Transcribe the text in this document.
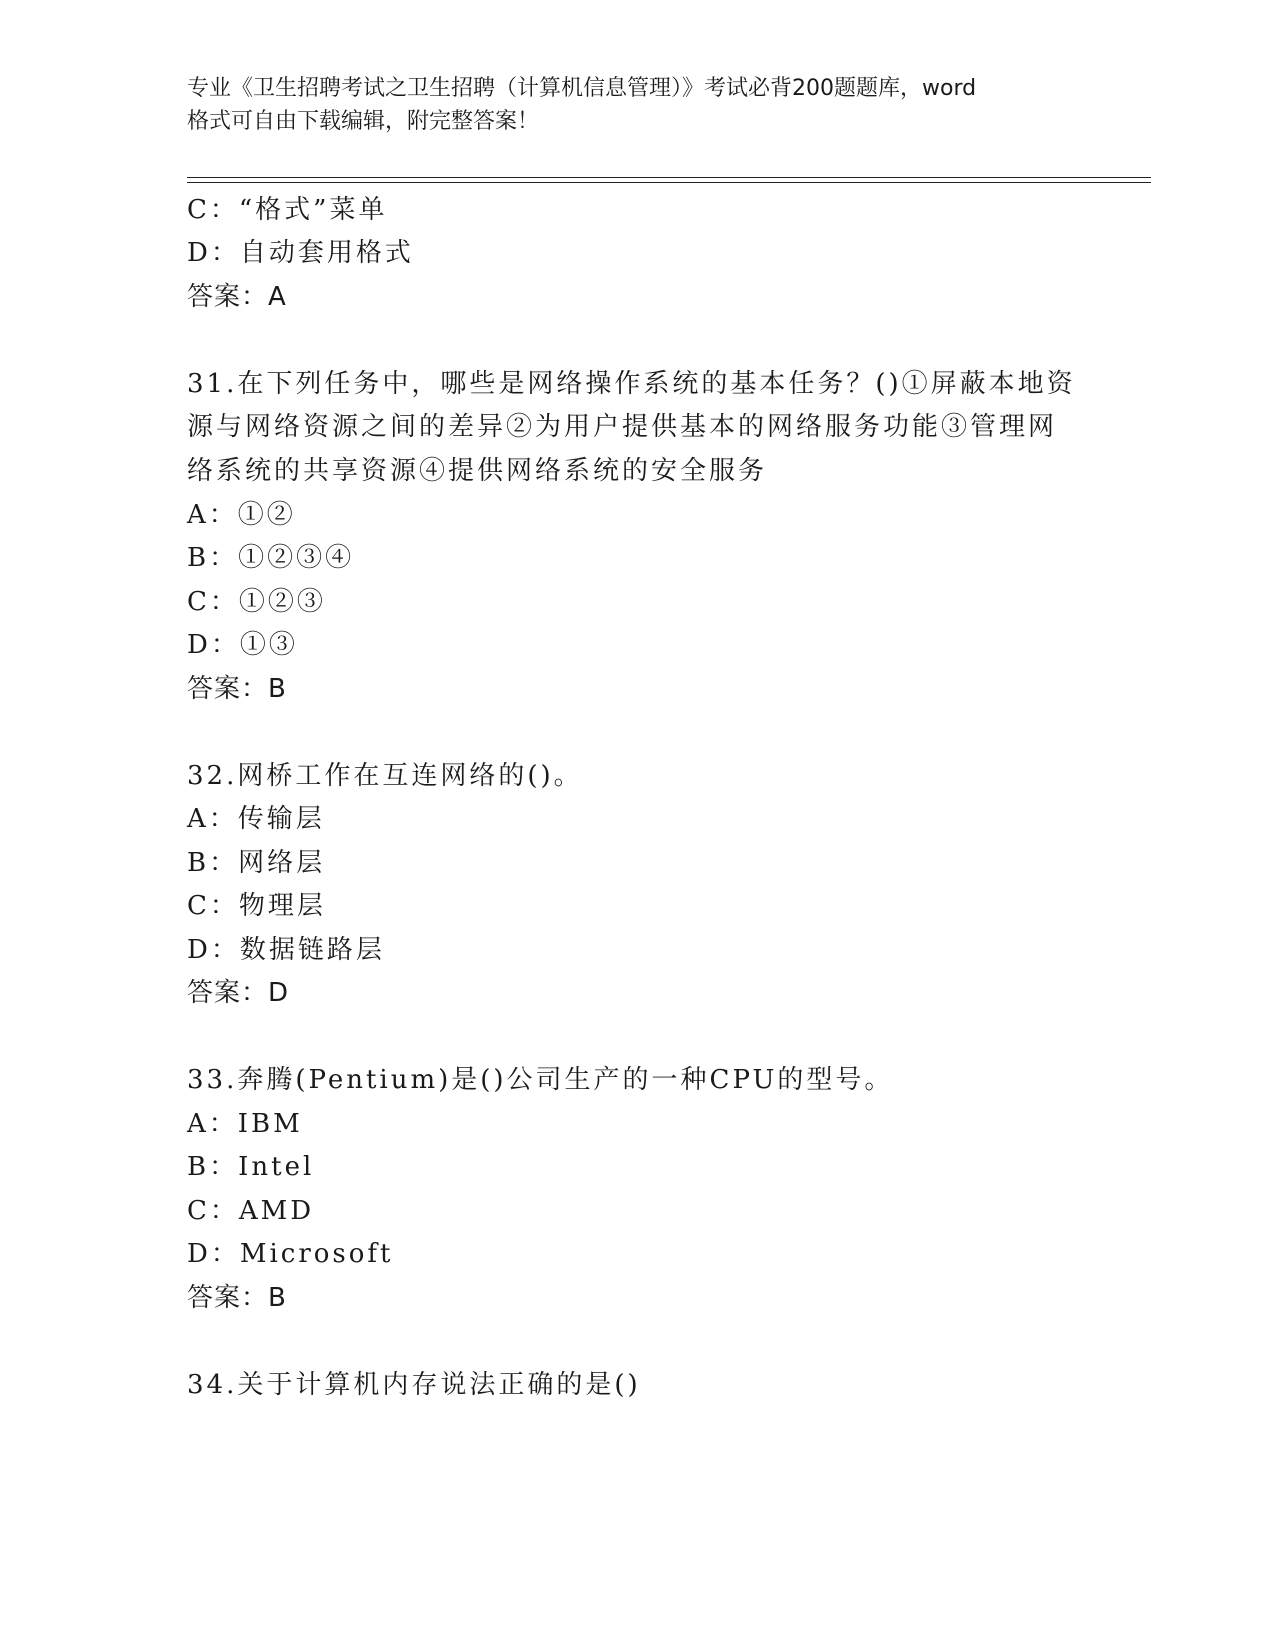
专业《卫生招聘考试之卫生招聘（计算机信息管理）》考试必背200题题库，word
格式可自由下载编辑，附完整答案！
C：“格式”菜单
D：自动套用格式
答案：A
31.在下列任务中，哪些是网络操作系统的基本任务？()①屏蔽本地资
源与网络资源之间的差异②为用户提供基本的网络服务功能③管理网
络系统的共享资源④提供网络系统的安全服务
A：①②
B：①②③④
C：①②③
D：①③
答案：B
32.网桥工作在互连网络的()。
A：传输层
B：网络层
C：物理层
D：数据链路层
答案：D
33.奔腾(Pentium)是()公司生产的一种CPU的型号。
A：IBM
B：Intel
C：AMD
D：Microsoft
答案：B
34.关于计算机内存说法正确的是()
